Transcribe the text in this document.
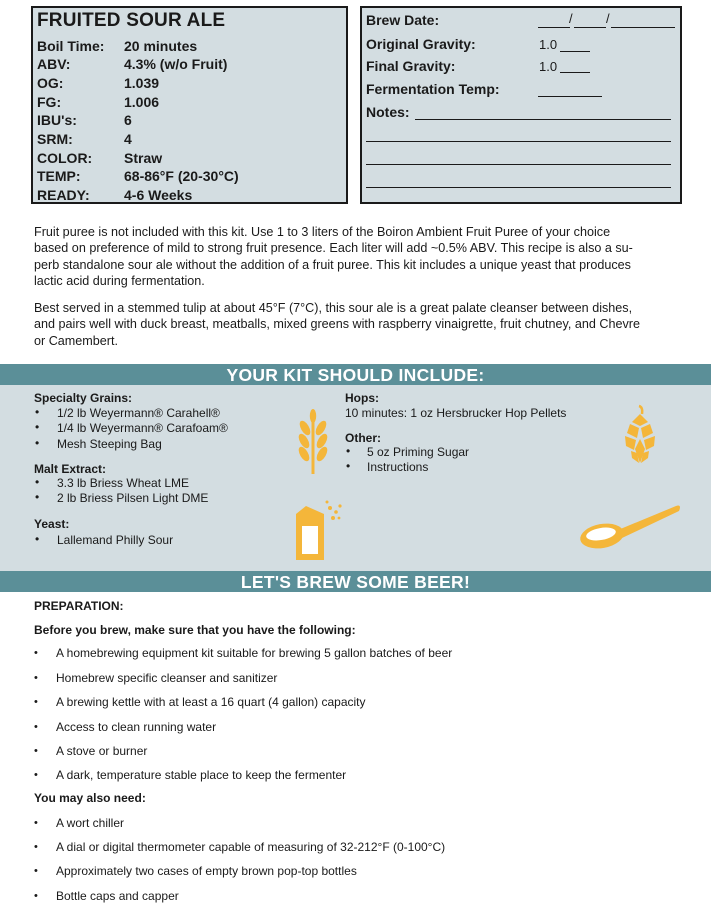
FRUITED SOUR ALE
Boil Time: 20 minutes
ABV:	4.3% (w/o Fruit)
OG:	1.039
FG:	1.006
IBU's:	6
SRM:	4
COLOR: Straw
TEMP:	68-86°F (20-30°C)
READY: 4-6 Weeks
Brew Date:	/	/
Original Gravity:	1.0
Final Gravity:	1.0
Fermentation Temp:
Notes:
Fruit puree is not included with this kit. Use 1 to 3 liters of the Boiron Ambient Fruit Puree of your choice
based on preference of mild to strong fruit presence. Each liter will add ~0.5% ABV. This recipe is also a su-
perb standalone sour ale without the addition of a fruit puree. This kit includes a unique yeast that produces
lactic acid during fermentation.
Best served in a stemmed tulip at about 45°F (7°C), this sour ale is a great palate cleanser between dishes,
and pairs well with duck breast, meatballs, mixed greens with raspberry vinaigrette, fruit chutney, and Chevre
or Camembert.
YOUR KIT SHOULD INCLUDE:
Specialty Grains:
• 1/2 lb Weyermann® Carahell®
• 1/4 lb Weyermann® Carafoam®
• Mesh Steeping Bag
Malt Extract:
• 3.3 lb Briess Wheat LME
• 2 lb Briess Pilsen Light DME
Yeast:
• Lallemand Philly Sour
Hops:
10 minutes: 1 oz Hersbrucker Hop Pellets
Other:
• 5 oz Priming Sugar
• Instructions
LET'S BREW SOME BEER!
PREPARATION:
Before you brew, make sure that you have the following:
• A homebrewing equipment kit suitable for brewing 5 gallon batches of beer
• Homebrew specific cleanser and sanitizer
• A brewing kettle with at least a 16 quart (4 gallon) capacity
• Access to clean running water
• A stove or burner
• A dark, temperature stable place to keep the fermenter
You may also need:
• A wort chiller
• A dial or digital thermometer capable of measuring of 32-212°F (0-100°C)
• Approximately two cases of empty brown pop-top bottles
• Bottle caps and capper
